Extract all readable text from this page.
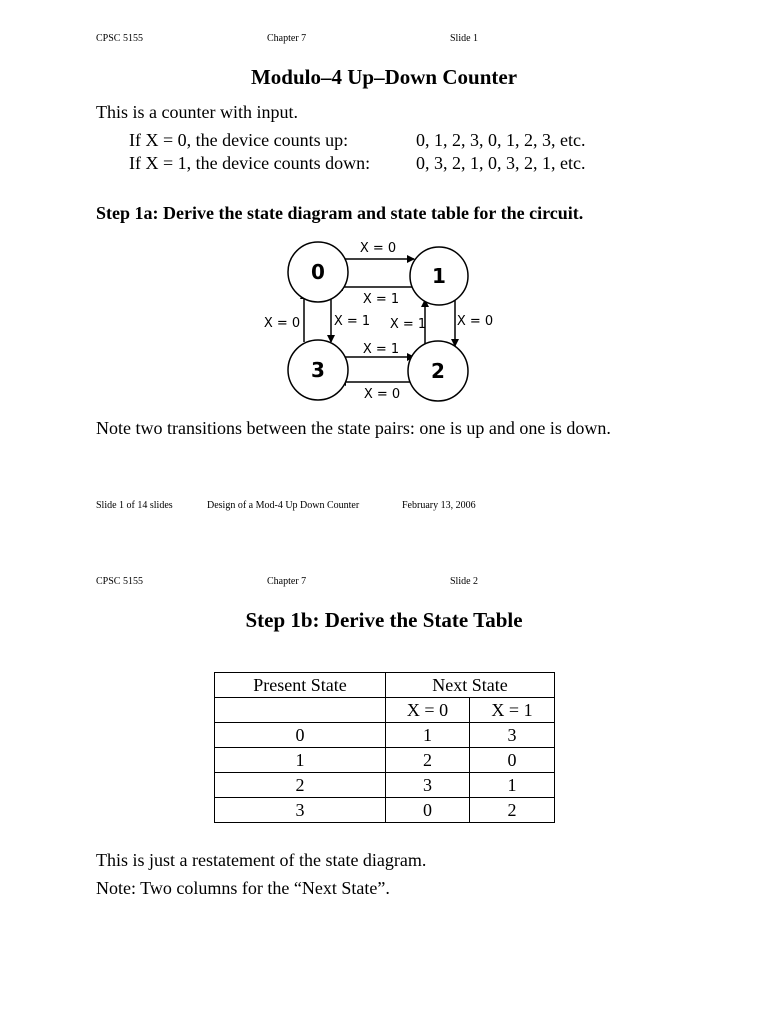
CPSC 5155	Chapter 7	Slide 1
Modulo–4 Up–Down Counter
This is a counter with input.
If X = 0, the device counts up:	0, 1, 2, 3, 0, 1, 2, 3, etc.
If X = 1, the device counts down:	0, 3, 2, 1, 0, 3, 2, 1, etc.
Step 1a: Derive the state diagram and state table for the circuit.
0	1
2
3
X = 0
X = 1
X = 0
X = 1
X = 0	X = 1
X = 1
X = 0
Note two transitions between the state pairs: one is up and one is down.
Slide 1 of 14 slides	Design of a Mod-4 Up Down Counter	February 13, 2006
CPSC 5155	Chapter 7	Slide 2
Step 1b: Derive the State Table
Present State	Next State	
	X = 0	X = 1
0	1	3
1	2	0
2	3	1
3	0	2
This is just a restatement of the state diagram.
Note: Two columns for the “Next State”.
